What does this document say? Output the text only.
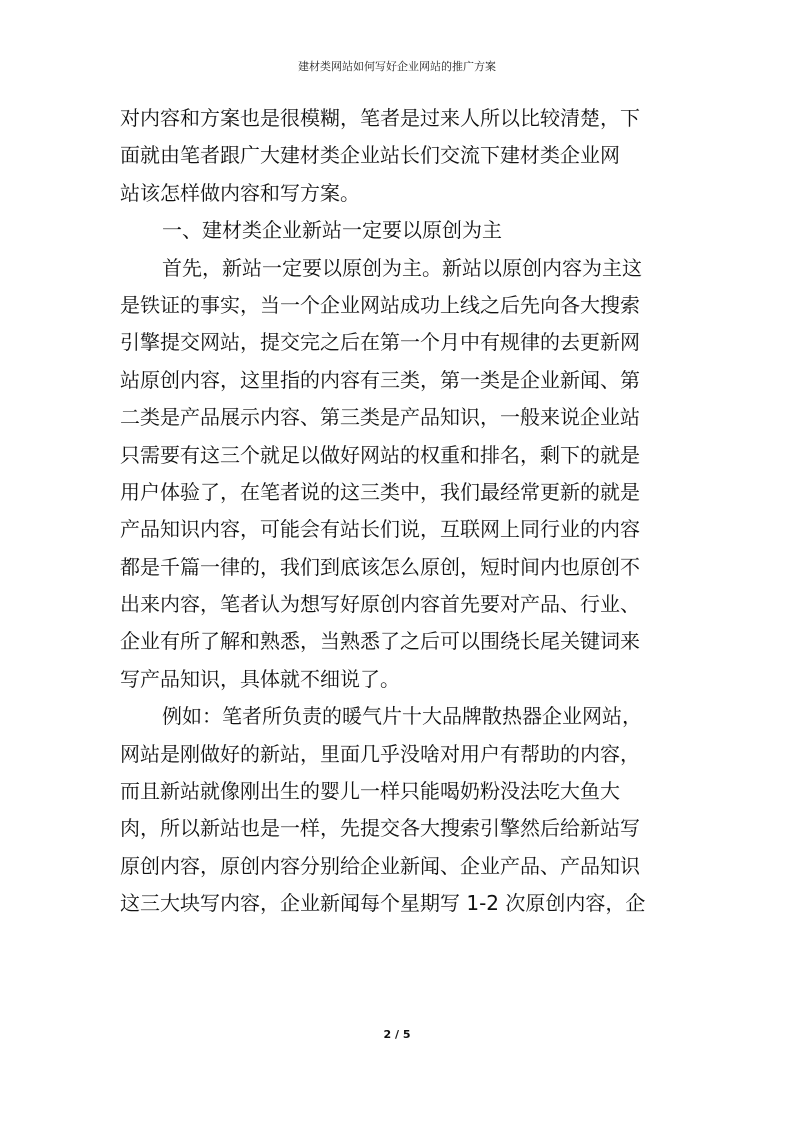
建材类网站如何写好企业网站的推广方案
对内容和方案也是很模糊，笔者是过来人所以比较清楚，下
面就由笔者跟广大建材类企业站长们交流下建材类企业网
站该怎样做内容和写方案。
一、建材类企业新站一定要以原创为主
首先，新站一定要以原创为主。新站以原创内容为主这
是铁证的事实，当一个企业网站成功上线之后先向各大搜索
引擎提交网站，提交完之后在第一个月中有规律的去更新网
站原创内容，这里指的内容有三类，第一类是企业新闻、第
二类是产品展示内容、第三类是产品知识，一般来说企业站
只需要有这三个就足以做好网站的权重和排名，剩下的就是
用户体验了，在笔者说的这三类中，我们最经常更新的就是
产品知识内容，可能会有站长们说，互联网上同行业的内容
都是千篇一律的，我们到底该怎么原创，短时间内也原创不
出来内容，笔者认为想写好原创内容首先要对产品、行业、
企业有所了解和熟悉，当熟悉了之后可以围绕长尾关键词来
写产品知识，具体就不细说了。
例如：笔者所负责的暖气片十大品牌散热器企业网站，
网站是刚做好的新站，里面几乎没啥对用户有帮助的内容，
而且新站就像刚出生的婴儿一样只能喝奶粉没法吃大鱼大
肉，所以新站也是一样，先提交各大搜索引擎然后给新站写
原创内容，原创内容分别给企业新闻、企业产品、产品知识
这三大块写内容，企业新闻每个星期写 1-2 次原创内容，企
2 / 5
